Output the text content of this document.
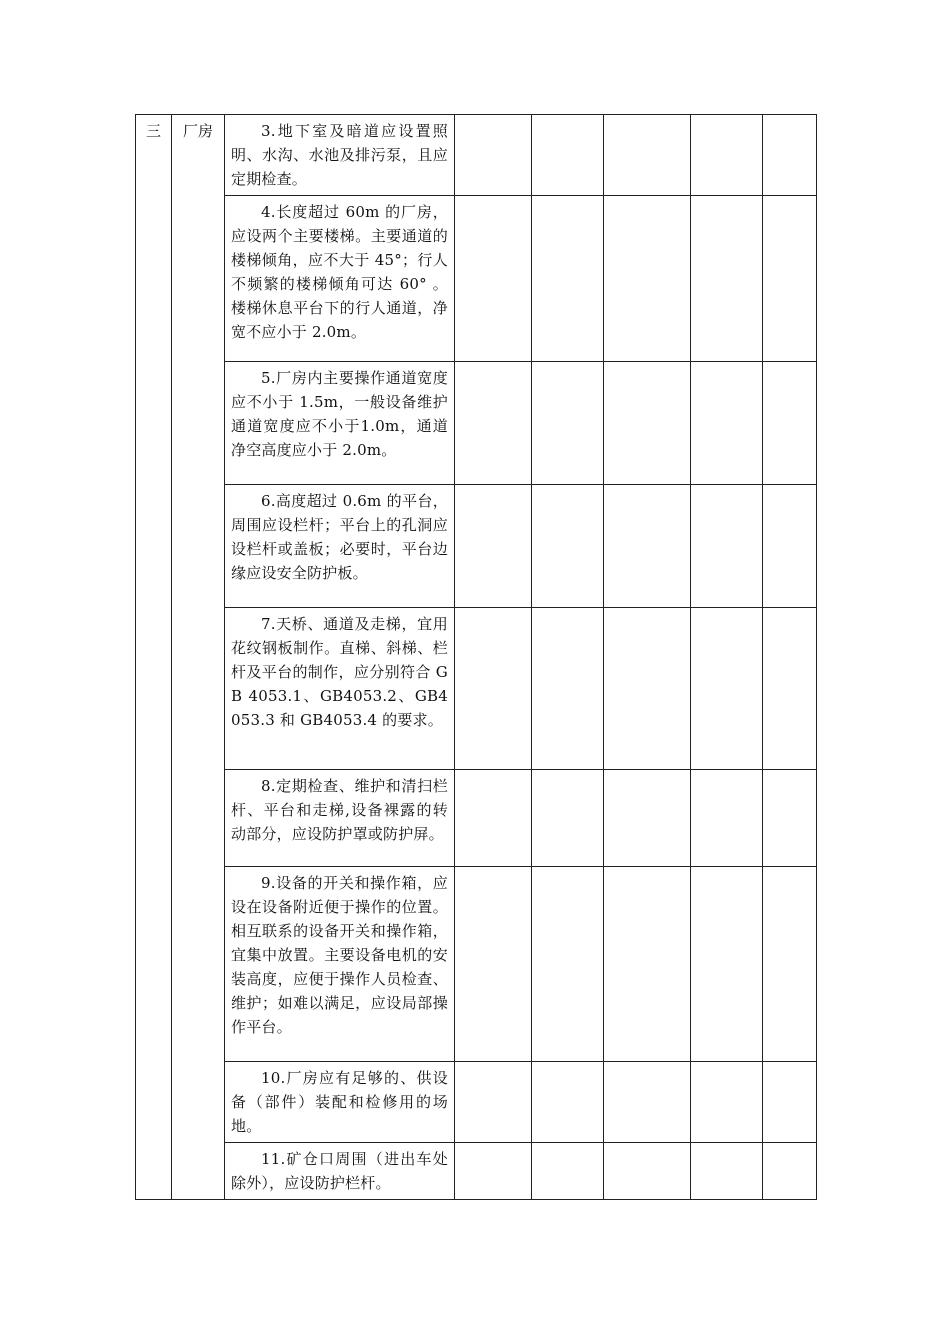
三	厂房	3.地下室及暗道应设置照明、水沟、水池及排污泵，且应定期检查。					
		4.长度超过 60m 的厂房，应设两个主要楼梯。主要通道的楼梯倾角，应不大于 45°；行人不频繁的楼梯倾角可达 60° 。楼梯休息平台下的行人通道，净宽不应小于 2.0m。					
		5.厂房内主要操作通道宽度应不小于 1.5m，一般设备维护通道宽度应不小于1.0m，通道净空高度应小于 2.0m。					
		6.高度超过 0.6m 的平台，周围应设栏杆；平台上的孔洞应设栏杆或盖板；必要时，平台边缘应设安全防护板。					
		7.天桥、通道及走梯，宜用花纹钢板制作。直梯、斜梯、栏杆及平台的制作，应分别符合 GB 4053.1、GB4053.2、GB4053.3 和 GB4053.4 的要求。					
		8.定期检查、维护和清扫栏杆、平台和走梯,设备裸露的转动部分，应设防护罩或防护屏。					
		9.设备的开关和操作箱，应设在设备附近便于操作的位置。相互联系的设备开关和操作箱，宜集中放置。主要设备电机的安装高度，应便于操作人员检查、维护；如难以满足，应设局部操作平台。					
		10.厂房应有足够的、供设备（部件）装配和检修用的场地。					
		11.矿仓口周围（进出车处除外），应设防护栏杆。					
